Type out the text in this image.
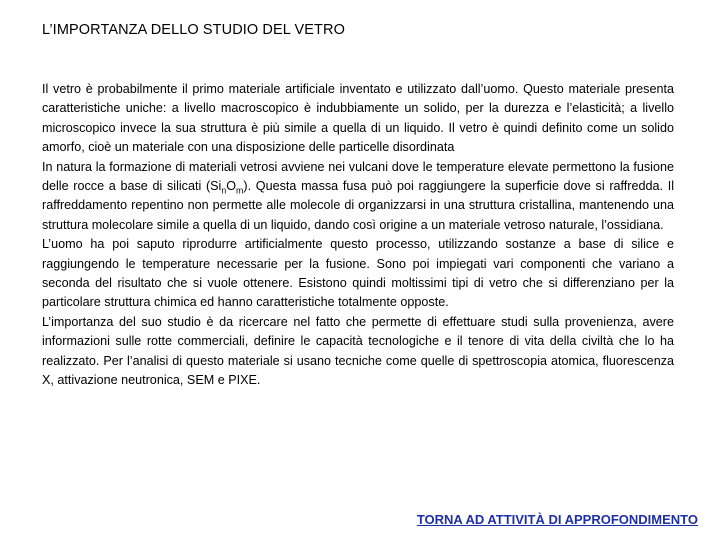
L’IMPORTANZA DELLO STUDIO DEL VETRO

Il vetro è probabilmente il primo materiale artificiale inventato e utilizzato dall’uomo. Questo materiale presenta caratteristiche uniche: a livello macroscopico è indubbiamente un solido, per la durezza e l’elasticità; a livello microscopico invece la sua struttura è più simile a quella di un liquido. Il vetro è quindi definito come un solido amorfo, cioè un materiale con una disposizione delle particelle disordinata

In natura la formazione di materiali vetrosi avviene nei vulcani dove le temperature elevate permettono la fusione delle rocce a base di silicati $(Si_nO_m)$. Questa massa fusa può poi raggiungere la superficie dove si raffredda. Il raffreddamento repentino non permette alle molecole di organizzarsi in una struttura cristallina, mantenendo una struttura molecolare simile a quella di un liquido, dando così origine a un materiale vetroso naturale, l’ossidiana.

L’uomo ha poi saputo riprodurre artificialmente questo processo, utilizzando sostanze a base di silice e raggiungendo le temperature necessarie per la fusione. Sono poi impiegati vari componenti che variano a seconda del risultato che si vuole ottenere. Esistono quindi moltissimi tipi di vetro che si differenziano per la particolare struttura chimica ed hanno caratteristiche totalmente opposte.

L’importanza del suo studio è da ricercare nel fatto che permette di effettuare studi sulla provenienza, avere informazioni sulle rotte commerciali, definire le capacità tecnologiche e il tenore di vita della civiltà che lo ha realizzato. Per l’analisi di questo materiale si usano tecniche come quelle di spettroscopia atomica, fluorescenza X, attivazione neutronica, SEM e PIXE.

TORNA AD ATTIVITÀ DI APPROFONDIMENTO
